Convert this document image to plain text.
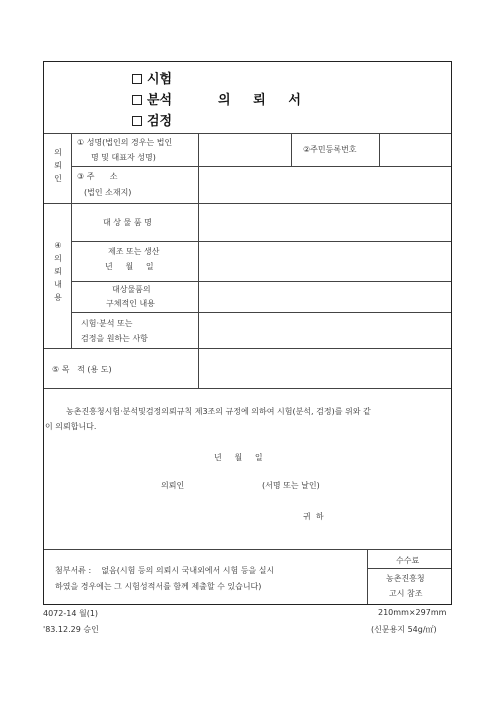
시험
분석
검정
의     뢰     서
의
뢰
인
① 성명(법인의 경우는 법인
명 및 대표자 성명)
②주민등록번호
③ 주      소
(법인 소재지)
④
의
뢰
내
용
대 상 물 품 명
제조 또는 생산
년     월     일
대상물품의
구체적인 내용
시험·분석 또는
검정을 원하는 사항
⑤ 목   적 (용 도)
농촌진흥청시험·분석및검정의뢰규칙 제3조의 규정에 의하여 시험(분석, 검정)를 위와 같
이 의뢰합니다.
년     월     일
의뢰인	(서명 또는 날인)
귀  하
첨부서류 :    없음(시험 등의 의뢰시 국내외에서 시험 등을 실시
하였을 경우에는 그 시험성적서를 함께 제출할 수 있습니다)
수수료
농촌진흥청
고시 참조
4072-14 월(1)
'83.12.29 승인
210mm×297mm
(신문용지 54g/㎡)
